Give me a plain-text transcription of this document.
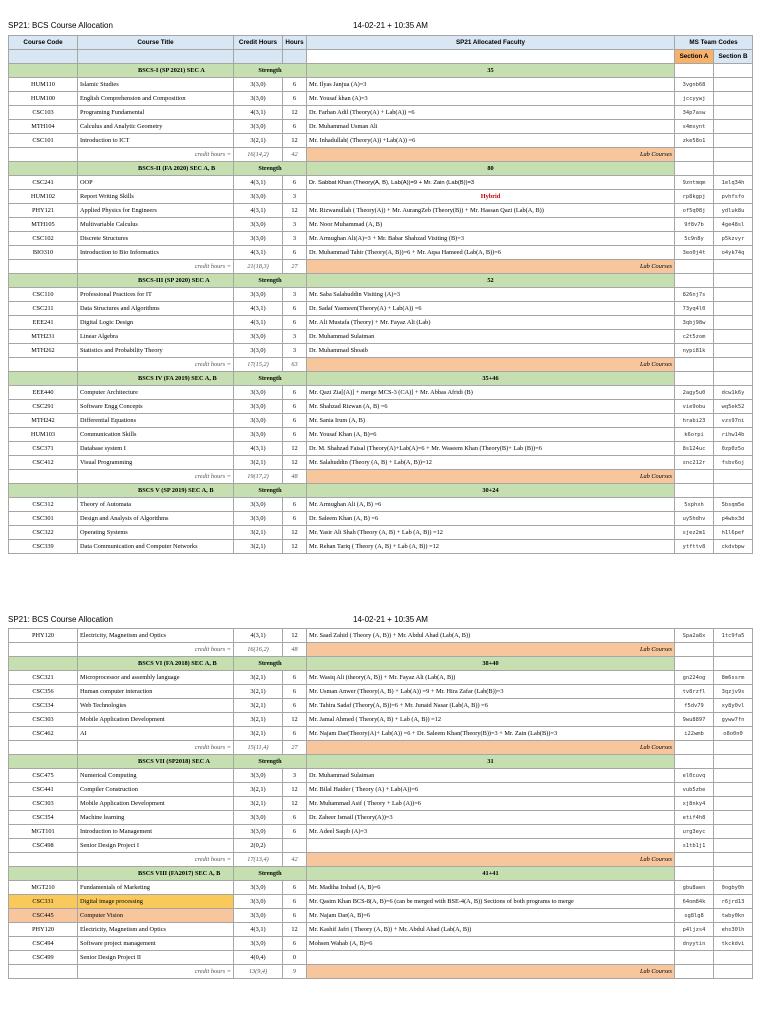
SP21: BCS Course Allocation	14-02-21 + 10:35 AM
Course Code	Course Title	Credit Hours	Hours	SP21 Allocated Faculty	MS Team Codes	
					Section A	Section B
	BSCS-I (SP 2021) SEC A	Strength		35		
HUM110	Islamic Studies	3(3,0)	6	Mr. Ilyas Janjua (A)=3	3vgnb68	
HUM100	English Comprehension and Composition	3(3,0)	6	Mr. Yousaf khan (A)=3	jccyywj	
CSC103	Programing Fundamental	4(3,1)	12	Dr. Farhan Adil (Theory(A) + Lab(A)) =6	34p7asw	
MTH104	Calculus and Analytic Geometry	3(3,0)	6	Dr. Muhammad Usman Ali	s4mxynt	
CSC101	Introduction to ICT	3(2,1)	12	Mr. Inhadullah( (Theory(A)) +Lab(A)) =6	zke58o1	
	credit hours =	16(14,2)	42	Lab Courses		
	BSCS-II (FA 2020) SEC A, B	Strength		80		
CSC241	OOP	4(3,1)	6	Dr. Sabbat Khan (Theory(A, B), Lab(A))=9 + Mr. Zain (Lab(B))=3	9zntmqm	1elq34h
HUM102	Report Writing Skills	3(3,0)	3	Hybrid	rp8kgpj	pvhfsfo
PHY121	Applied Physics for Engineers	4(3,1)	12	Mr. Rizwanullah ( Theory(A)) + Mr. AurangZeb (Theory(B)) + Mr. Hassan Qazi (Lab(A, B))	of5q08j	ydluk8u
MTH105	Multivariable Calculus	3(3,0)	3	Mr. Noor Muhammad (A, B)	9f8v7b	4ge48sl
CSC102	Discrete Structures	3(3,0)	3	Mr. Armughan Ali(A)=3 + Mr. Babar Shahzad Visiting (B)=3	5c9n8y	p5kzvyr
BIO310	Introduction to Bio Informatics	4(3,1)	6	Dr. Muhammad Tahir (Theory(A, B))=6 + Mr. Aqsa Hameed (Lab(A, B))=6	3eo0j4t	o4yk74q
	credit hours =	21(18,3)	27	Lab Courses		
	BSCS-III (SP 2020) SEC A	Strength		52		
CSC110	Professional Practices for IT	3(3,0)	3	Mr. Saba Salahuddin Visiting (A)=3	826nj7s	
CSC211	Data Structures and Algorithms	4(3,1)	6	Dr. Sadaf Yasmeen(Theory(A) + Lab(A)) =6	73yq4l0	
EEE241	Digital Logic Design	4(3,1)	6	Mr. Ali Mustafa (Theory) + Mr. Fayaz Ali (Lab)	3qbj98w	
MTH231	Linear Algebra	3(3,0)	3	Dr. Muhammad Sulaiman	c2t5zom	
MTH262	Statistics and Probability Theory	3(3,0)	3	Dr. Muhammad Shoaib	nypi81k	
	credit hours =	17(15,2)	63	Lab Courses		
	BSCS IV (FA 2019) SEC A, B	Strength		35+46		
EEE440	Computer Architecture	3(3,0)	6	Mr. Qazi Zia[(A)] + merge MCS-3 (CA)] + Mr. Abbas Afridi (B)	2agy5u0	dcw1k6y
CSC291	Software Engg Concepts	3(3,0)	6	Mr. Shahzad Rizwan (A, B) =6	vie9obu	wq5ek52
MTH242	Differential Equations	3(3,0)	6	Mr. Sania Irum (A, B)	hrabi23	vzs97ni
HUM103	Communication Skills	3(3,0)	6	Mr. Yousaf Khan (A, B)=6	k6orpi	rihw14b
CSC371	Database system I	4(3,1)	12	Dr. M. Shahzad Faisal (Theory(A)+Lab(A)=6 + Mr. Waseem Khan (Theory(B)+ Lab (B))=6	8s124uc	0zp0z5o
CSC412	Visual Programming	3(2,1)	12	Mr. Salahuddin (Theory (A, B) + Lab(A, B))=12	snc212r	fsbv6oj
	credit hours =	19(17,2)	48	Lab Courses		
	BSCS V (SP 2019) SEC A, B	Strength		30+24		
CSC312	Theory of Automata	3(3,0)	6	Mr. Armughan Ali (A, B) =6	5xphxh	5bsqm5e
CSC301	Design and Analysis of Algorithms	3(3,0)	6	Dr. Saleem Khan (A, B) =6	uy5hdhv	p4wbx3d
CSC322	Operating Systems	3(2,1)	12	Mr. Yasir Ali Shah (Theory (A, B) + Lab (A, B)) =12	sjez2m1	h1l6pef
CSC339	Data Communication and Computer Networks	3(2,1)	12	Mr. Rehan Tariq ( Theory (A, B) + Lab (A, B)) =12	ytfttv8	ckdvbpw
SP21: BCS Course Allocation	14-02-21 + 10:35 AM
PHY120	Electricity, Magnetism and Optics	4(3,1)	12	Mr. Saad Zahid ( Theory (A, B)) + Mr. Abdul Ahad (Lab(A, B))	Spa2a8x	1tc9fa5
	credit hours =	16(16,2)	48	Lab Courses		
	BSCS VI (FA 2018) SEC A, B	Strength		38+40		
CSC321	Microprocessor and assembly language	3(2,1)	6	Mr. Wasiq Ali (theory(A, B)) + Mr. Fayaz Ali (Lab(A, B))	gn224og	8m6ssrm
CSC356	Human computer interaction	3(2,1)	6	Mr. Usman Anwer (Theory(A, B) + Lab(A)) =9 + Mr. Hira Zafar (Lab(B))=3	tv8rzfl	3qzjv9s
CSC334	Web Technologies	3(2,1)	6	Mr. Tahira Sadaf (Theory(A, B))=6 + Mr. Junaid Nasar (Lab(A, B)) =6	f5dv79	xy8y0vl
CSC303	Mobile Application Development	3(2,1)	12	Mr. Jamal Ahmed ( Theory(A, B) + Lab (A, B)) =12	9wu8897	gyww7fn
CSC462	AI	3(2,1)	6	Mr. Najam Dar(Theory(A)+ Lab(A)) =6 + Dr. Saleem Khan(Theory(B))=3 + Mr. Zain (Lab(B))=3	i22wmb	o8o0n0
	credit hours =	15(11,4)	27	Lab Courses		
	BSCS VII (SP2018) SEC A	Strength		31		
CSC475	Numerical Computing	3(3,0)	3	Dr. Muhammad Sulaiman	el0cuvq	
CSC441	Compiler Construction	3(2,1)	12	Mr. Bilal Haider ( Theory (A) + Lab(A))=6	vub5zbe	
CSC303	Mobile Application Development	3(2,1)	12	Mr. Muhammad Asif ( Theory + Lab (A))=6	xj8nky4	
CSC354	Machine learning	3(3,0)	6	Dr. Zaheer Ismail (Theory(A))=3	etif4h8	
MGT101	Introduction to Management	3(3,0)	6	Mr. Adeel Saqib (A)=3	urg3eyc	
CSC498	Senior Design Project I	2(0,2)			s1tb1j1	
	credit hours =	17(13,4)	42	Lab Courses		
	BSCS VIII (FA2017) SEC A, B	Strength		41+41		
MGT210	Fundamentals of Marketing	3(3,0)	6	Mr. Madiha Irshad (A, B)=6	gbu8aen	0ogby0h
CSC331	Digital image processing	3(3,0)	6	Mr. Qasim Khan BCS-8(A, B)=6 (can be merged with BSE-4(A, B)) Sections of both programs to merge	64om84k	r6jrd13
CSC445	Computer Vision	3(3,0)	6	Mr. Najam Dar(A, B)=6	sg8lg8	twby0kn
PHY120	Electricity, Magnetism and Optics	4(3,1)	12	Mr. Kashif Jafri ( Theory (A, B)) + Mr. Abdul Ahad (Lab(A, B))	p4ljzs4	ehs30lh
CSC494	Software project management	3(3,0)	6	Mohsen Wahab (A, B)=6	dnyytin	tkckdvi
CSC499	Senior Design Project II	4(0,4)	0			
	credit hours =	13(9,4)	9	Lab Courses		
